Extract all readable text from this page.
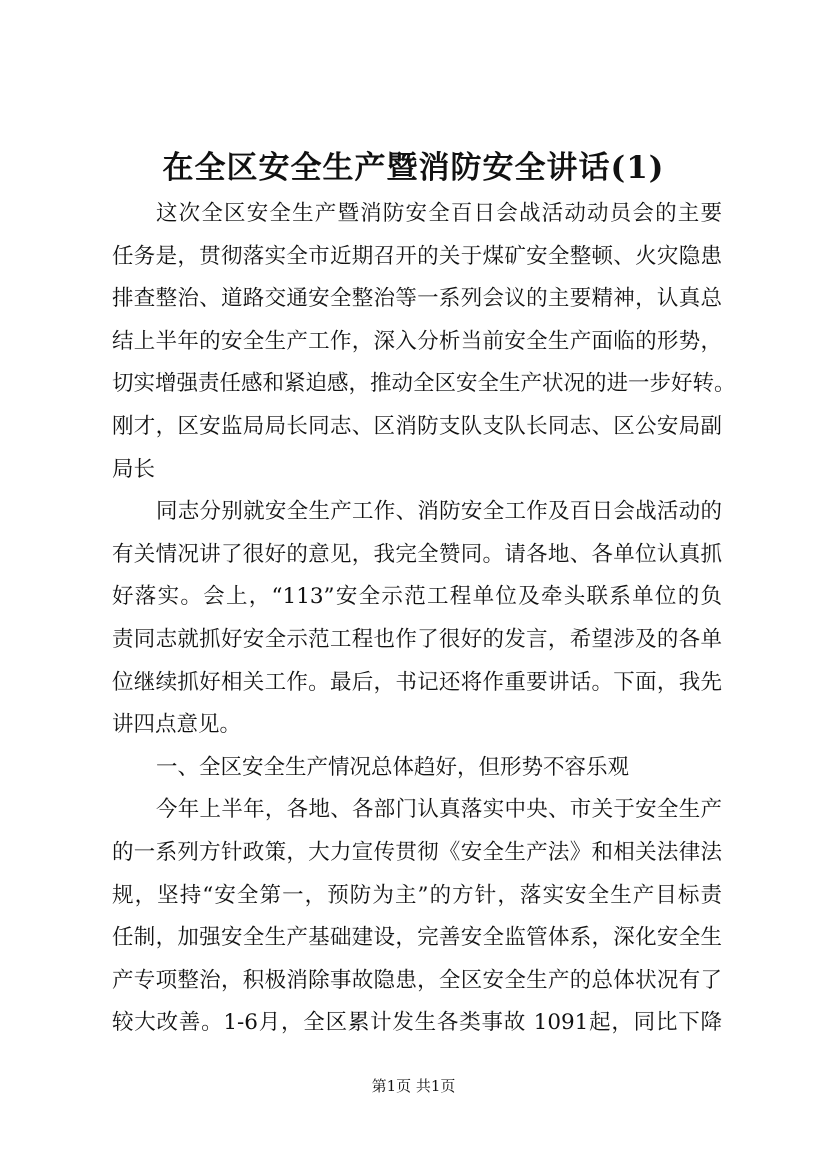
在全区安全生产暨消防安全讲话(1)
这次全区安全生产暨消防安全百日会战活动动员会的主要
任务是，贯彻落实全市近期召开的关于煤矿安全整顿、火灾隐患
排查整治、道路交通安全整治等一系列会议的主要精神，认真总
结上半年的安全生产工作，深入分析当前安全生产面临的形势，
切实增强责任感和紧迫感，推动全区安全生产状况的进一步好转。
刚才，区安监局局长同志、区消防支队支队长同志、区公安局副
局长
同志分别就安全生产工作、消防安全工作及百日会战活动的
有关情况讲了很好的意见，我完全赞同。请各地、各单位认真抓
好落实。会上，“113”安全示范工程单位及牵头联系单位的负
责同志就抓好安全示范工程也作了很好的发言，希望涉及的各单
位继续抓好相关工作。最后，书记还将作重要讲话。下面，我先
讲四点意见。
一、全区安全生产情况总体趋好，但形势不容乐观
今年上半年，各地、各部门认真落实中央、市关于安全生产
的一系列方针政策，大力宣传贯彻《安全生产法》和相关法律法
规，坚持“安全第一，预防为主”的方针，落实安全生产目标责
任制，加强安全生产基础建设，完善安全监管体系，深化安全生
产专项整治，积极消除事故隐患，全区安全生产的总体状况有了
较大改善。1-6月，全区累计发生各类事故 1091起，同比下降
第1页 共1页
